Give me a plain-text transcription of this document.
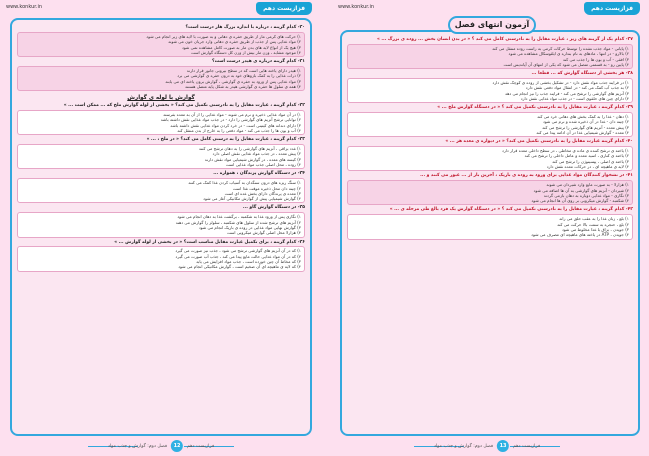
www.konkur.in	فزازیست دهم
۳۰- کدام گزینه ، درباره با اندازه بزرگ هار درست است؟
۱) حرکت های کرمی مار از طریق حفره ی دهانی و به صورت با لایه های زیر انجام می شود
۲) مواد غذایی پس از جذب از طریق حفره ی دهانی وارد جریان خون می شوند
۳) هیچ یک از انواع لایه های بدن مار به صورت کامل مشاهده نمی شود
۴) موجود مشابه ، وزن مار بیش از وزن کل دستگاه گوارش است
۳۱- کدام گزینه درباره ی هیدر درست است؟
۱) هیدر دارای یاخته هایی است که در سطح بیرونی جانور قرار دارند
۲) ذرات غذایی را به کمک بازوهای خود به درون حفره ی گوارشی می برد
۳) مواد غذایی پس از ورود به حفره ی گوارشی ، گوارش برون یاخته ای می یابند
۴) همه ی سلول ها حفره ی گوارشی هیدر به شکل پایه متصل هستند
گوارش با لوله ی گوارش
۳۲- کدام گزینه ، عبارت مقابل را به نادرستی تکمیل می کند؟ « بخشی از لوله گوارش ملخ که ... ممکن است ... »
۱) در آن مواد غذایی ذخیره و نرم می شوند - مواد غذایی را از آن به معده بفرستد
۲) توانایی ترشح آنزیم های گوارشی را دارد - در جذب مواد غذایی نقش داشته باشد
۳) دارای دندانه های کیتینی است - در خرد کردن مواد غذایی نقش داشته باشد
۴) آب و یون ها را جذب می کند - مواد دفعی را به خارج از بدن منتقل کند
۳۳- کدام گزینه ، عبارت مقابل را به درستی کامل می کند؟ « در ملخ ، ... »
۱) غدد بزاقی ، آنزیم های گوارشی را به دهان ترشح می کنند
۲) پیش معده ، در جذب مواد غذایی نقش اصلی دارد
۳) کیسه های معده ، در گوارش شیمیایی مواد نقش دارند
۴) روده ، محل اصلی جذب مواد غذایی است
۳۴- در دستگاه گوارش پرندگان ، همواره ...
۱) سنگ ریزه های درون سنگدان به آسیاب کردن غذا کمک می کنند
۲) چینه دان محل ذخیره موقت غذا است
۳) معده ی پرندگان دارای بخش غده ای است
۴) گوارش شیمیایی پیش از گوارش مکانیکی آغاز می شود
۳۵- در دستگاه گوارش گاو ...
۱) نگاری پس از ورود غذا به شکمبه ، برگشت غذا به دهان انجام می شود
۲) آنزیم های ترشح شده از سلول های شکمبه ، سلولز را گوارش می دهند
۳) گوارش نهایی مواد غذایی در روده ی باریک انجام می شود
۴) هزارلا محل اصلی گوارش میکروبی است
۳۶- کدام گزینه ، برای تکمیل عبارت مقابل مناسب است؟ « در بخشی از لوله گوارش ... »
۱) که در آن آنزیم های گوارشی ترشح می شود ، جذب نیز صورت می گیرد
۲) که در آن مواد غذایی حالت مایع پیدا می کند ، جذب آب صورت می گیرد
۳) که مخاط آن چین خورده است ، جذب مواد افزایش می یابد
۴) که لایه ی ماهیچه ای آن ضخیم است ، گوارش مکانیکی انجام می شود
فزازیست دهم
12
فصل دوم: گوارش و جذب مواد
www.konkur.in	فزازیست دهم
آزمون انتهای فصل
۳۷- کدام یک از گزینه های زیر ، عبارت مقابل را به نادرستی کامل می کند ؟ « در بدن انسان بخش ... روده ی بزرگ ... »
۱) پایانی - مواد جذب نشده را توسط حرکات کرمی به راست روده منتقل می کند
۲) بالارو - در انتها ، مادهای به نام بنداره ی ایلئوسکال مشاهده می شود
۳) افقی - آب و یون ها را جذب می کند
۴) پایین رو - به قسمتی متصل می شود که یکی از انتهای آن آپاندیس است
۳۸- هر بخشی از دستگاه گوارش که ... قطعا ...
۱) در فرایند جذب مواد نقش دارد - در تشکیل بخشی از روده ی کوچک نقش دارد
۲) به جذب آب کمک می کند - در انتقال مواد دفعی نقش دارد
۳) آنزیم های گوارشی را ترشح می کند - فرایند جذب را نیز انجام می دهد
۴) دارای چین های حلقوی است - در جذب مواد غذایی نقش دارد
۳۹- کدام گزینه ، عبارت مقابل را به نادرستی تکمیل می کند ؟ « در دستگاه گوارش ملخ ... »
۱) دهان - غذا را به کمک بخش های دهانی خرد می کند
۲) چینه دان - غذا در آن ذخیره شده و نرم می شود
۳) پیش معده - آنزیم های گوارشی را ترشح می کند
۴) معده - گوارش شیمیایی غذا در آن ادامه پیدا می کند
۴۰- کدام گزینه عبارت مقابل را به نادرستی تکمیل می کند؟ « در دیواره ی معده هر ... »
۱) یاخته ی ترشح کننده ی ماده ی مخاطی ، در سطح داخلی معده قرار دارد
۲) یاخته ی کناری ، اسید معده و عامل داخلی را ترشح می کند
۳) یاخته ی اصلی ، پپسینوژن را ترشح می کند
۴) لایه ی ماهیچه ای ، در حرکات معده نقش دارد
۴۱- در نشخوار کنندگان مواد غذایی برای ورود به روده ی باریک ، آخرین بار از ... عبور می کنند و ...
۱) هزارلا - به صورت مایع وارد شیردان می شوند
۲) شیردان - آنزیم های گوارشی به آن ها اضافه می شود
۳) نگاری - مواد غذایی دوباره به دهان بازمی گردند
۴) شکمبه - گوارش میکروبی بر روی آن ها انجام می شود
۴۲- کدام گزینه ، عبارت مقابل را به نادرستی تکمیل می کند ؟ « در دستگاه گوارش یک فرد بالغ طی مرحله ی ... »
۱) بلع ، زبان غذا را به عقب حلق می راند
۲) بلع ، حنجره به سمت بالا حرکت می کند
۳) جویدن ، بزاق با غذا مخلوط می شود
۴) جویدن ، ATP در یاخته های ماهیچه ای مصرف می شود
فزازیست دهم
13
فصل دوم: گوارش و جذب مواد
